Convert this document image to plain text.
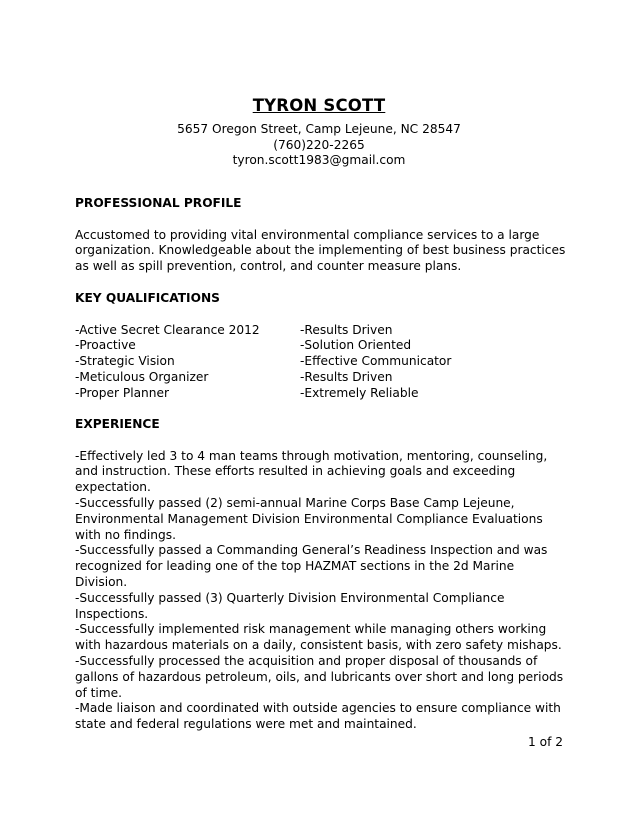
TYRON SCOTT
5657 Oregon Street, Camp Lejeune, NC 28547
(760)220-2265
tyron.scott1983@gmail.com

PROFESSIONAL PROFILE

Accustomed to providing vital environmental compliance services to a large

organization. Knowledgeable about the implementing of best business practices

as well as spill prevention, control, and counter measure plans.

KEY QUALIFICATIONS

-Active Secret Clearance 2012	-Results Driven
-Proactive	-Solution Oriented
-Strategic Vision	-Effective Communicator
-Meticulous Organizer	-Results Driven
-Proper Planner	-Extremely Reliable

EXPERIENCE

-Effectively led 3 to 4 man teams through motivation, mentoring, counseling,

and instruction. These efforts resulted in achieving goals and exceeding

expectation.

-Successfully passed (2) semi-annual Marine Corps Base Camp Lejeune,

Environmental Management Division Environmental Compliance Evaluations

with no findings.

-Successfully passed a Commanding General’s Readiness Inspection and was

recognized for leading one of the top HAZMAT sections in the 2d Marine

Division.

-Successfully passed (3) Quarterly Division Environmental Compliance

Inspections.

-Successfully implemented risk management while managing others working

with hazardous materials on a daily, consistent basis, with zero safety mishaps.

-Successfully processed the acquisition and proper disposal of thousands of

gallons of hazardous petroleum, oils, and lubricants over short and long periods

of time.

-Made liaison and coordinated with outside agencies to ensure compliance with

state and federal regulations were met and maintained.

1 of 2
